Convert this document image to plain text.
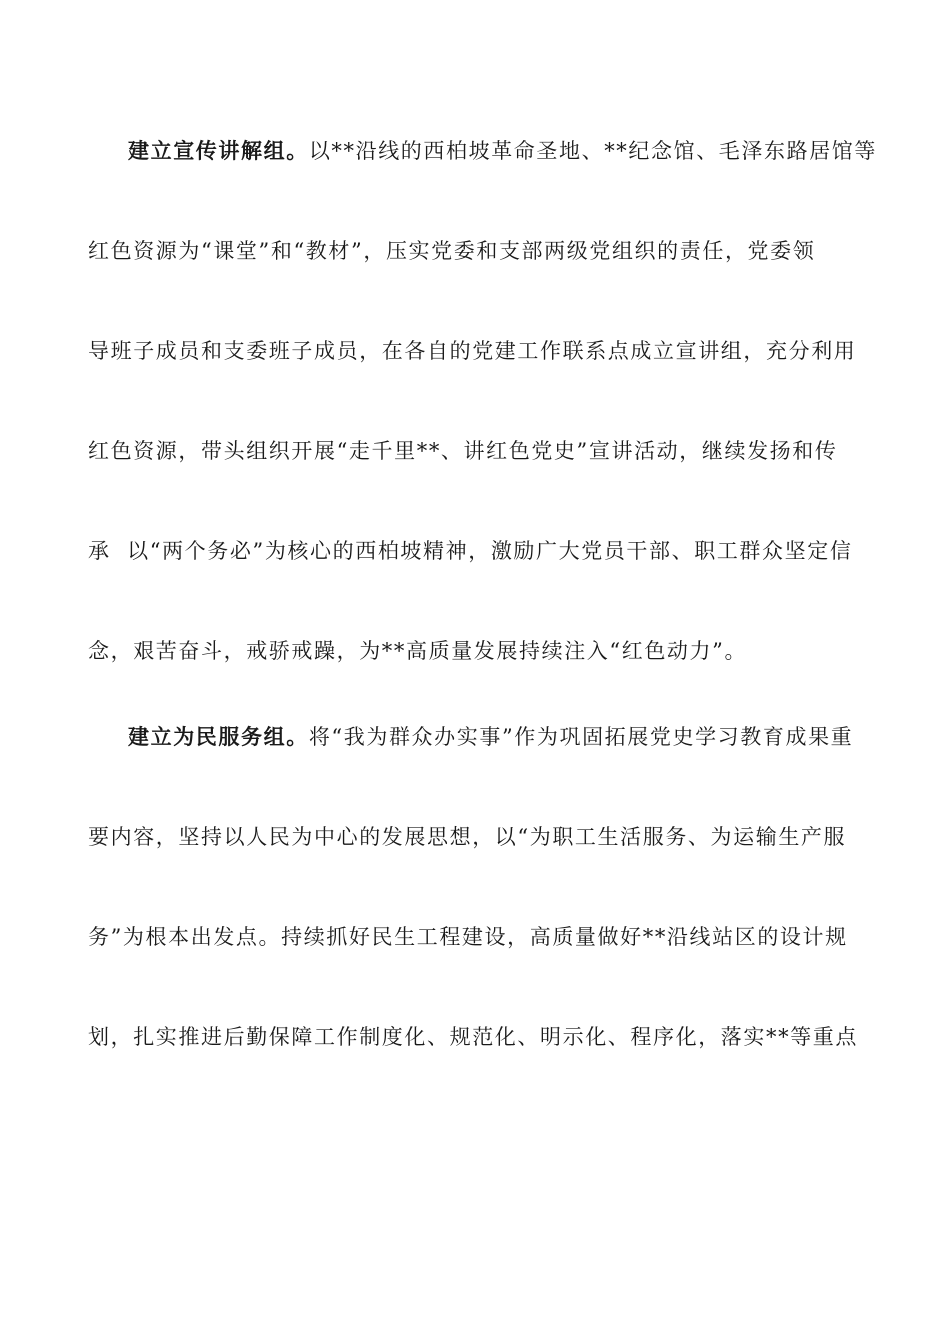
建立宣传讲解组。以**沿线的西柏坡革命圣地、**纪念馆、毛泽东路居馆等
红色资源为“课堂”和“教材”，压实党委和支部两级党组织的责任，党委领
导班子成员和支委班子成员，在各自的党建工作联系点成立宣讲组，充分利用
红色资源，带头组织开展“走千里**、讲红色党史”宣讲活动，继续发扬和传
承  以“两个务必”为核心的西柏坡精神，激励广大党员干部、职工群众坚定信
念，艰苦奋斗，戒骄戒躁，为**高质量发展持续注入“红色动力”。
建立为民服务组。将“我为群众办实事”作为巩固拓展党史学习教育成果重
要内容，坚持以人民为中心的发展思想，以“为职工生活服务、为运输生产服
务”为根本出发点。持续抓好民生工程建设，高质量做好**沿线站区的设计规
划，扎实推进后勤保障工作制度化、规范化、明示化、程序化，落实**等重点
